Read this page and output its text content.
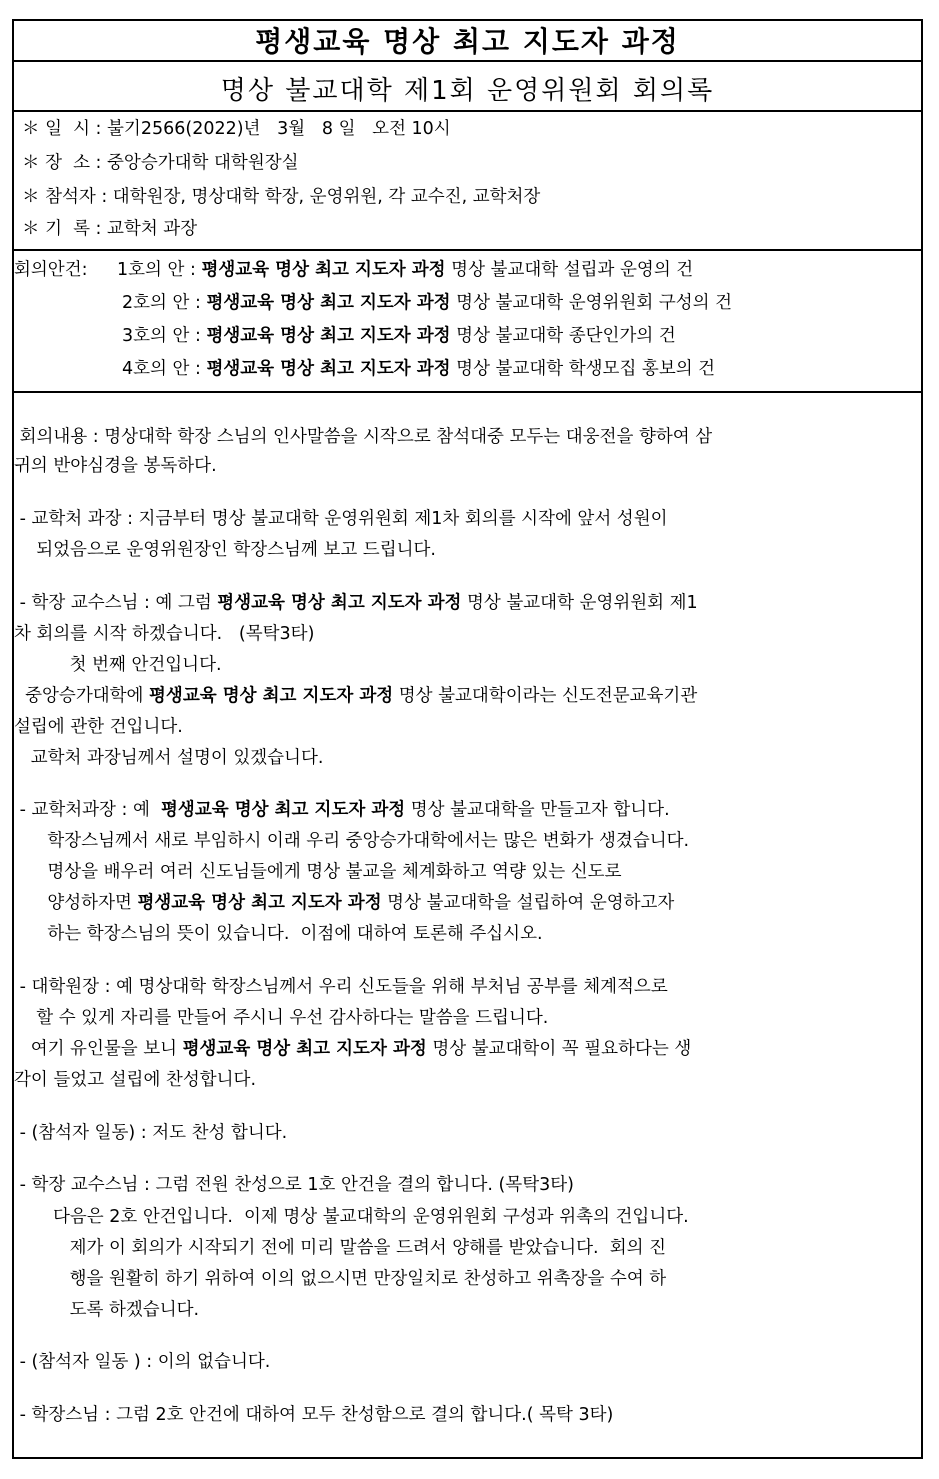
평생교육 명상 최고 지도자 과정
명상 불교대학 제1회 운영위원회 회의록
＊ 일  시 : 불기2566(2022)년   3월   8 일   오전 10시
＊ 장  소 : 중앙승가대학 대학원장실
＊ 참석자 : 대학원장, 명상대학 학장, 운영위원, 각 교수진, 교학처장
＊ 기  록 : 교학처 과장
회의안건: 1호의 안 : 평생교육 명상 최고 지도자 과정 명상 불교대학 설립과 운영의 건
2호의 안 : 평생교육 명상 최고 지도자 과정 명상 불교대학 운영위원회 구성의 건
3호의 안 : 평생교육 명상 최고 지도자 과정 명상 불교대학 종단인가의 건
4호의 안 : 평생교육 명상 최고 지도자 과정 명상 불교대학 학생모집 홍보의 건
회의내용 : 명상대학 학장 스님의 인사말씀을 시작으로 참석대중 모두는 대웅전을 향하여 삼
귀의 반야심경을 봉독하다.
- 교학처 과장 : 지금부터 명상 불교대학 운영위원회 제1차 회의를 시작에 앞서 성원이
되었음으로 운영위원장인 학장스님께 보고 드립니다.
- 학장 교수스님 : 예 그럼 평생교육 명상 최고 지도자 과정 명상 불교대학 운영위원회 제1
차 회의를 시작 하겠습니다.   (목탁3타)
첫 번째 안건입니다.
중앙승가대학에 평생교육 명상 최고 지도자 과정 명상 불교대학이라는 신도전문교육기관
설립에 관한 건입니다.
교학처 과장님께서 설명이 있겠습니다.
- 교학처과장 : 예  평생교육 명상 최고 지도자 과정 명상 불교대학을 만들고자 합니다.
학장스님께서 새로 부임하시 이래 우리 중앙승가대학에서는 많은 변화가 생겼습니다.
명상을 배우러 여러 신도님들에게 명상 불교을 체계화하고 역량 있는 신도로
양성하자면 평생교육 명상 최고 지도자 과정 명상 불교대학을 설립하여 운영하고자
하는 학장스님의 뜻이 있습니다.  이점에 대하여 토론해 주십시오.
- 대학원장 : 예 명상대학 학장스님께서 우리 신도들을 위해 부처님 공부를 체계적으로
할 수 있게 자리를 만들어 주시니 우선 감사하다는 말씀을 드립니다.
여기 유인물을 보니 평생교육 명상 최고 지도자 과정 명상 불교대학이 꼭 필요하다는 생
각이 들었고 설립에 찬성합니다.
- (참석자 일동) : 저도 찬성 합니다.
- 학장 교수스님 : 그럼 전원 찬성으로 1호 안건을 결의 합니다. (목탁3타)
다음은 2호 안건입니다.  이제 명상 불교대학의 운영위원회 구성과 위촉의 건입니다.
제가 이 회의가 시작되기 전에 미리 말씀을 드려서 양해를 받았습니다.  회의 진
행을 원활히 하기 위하여 이의 없으시면 만장일치로 찬성하고 위촉장을 수여 하
도록 하겠습니다.
- (참석자 일동 ) : 이의 없습니다.
- 학장스님 : 그럼 2호 안건에 대하여 모두 찬성함으로 결의 합니다.( 목탁 3타)
